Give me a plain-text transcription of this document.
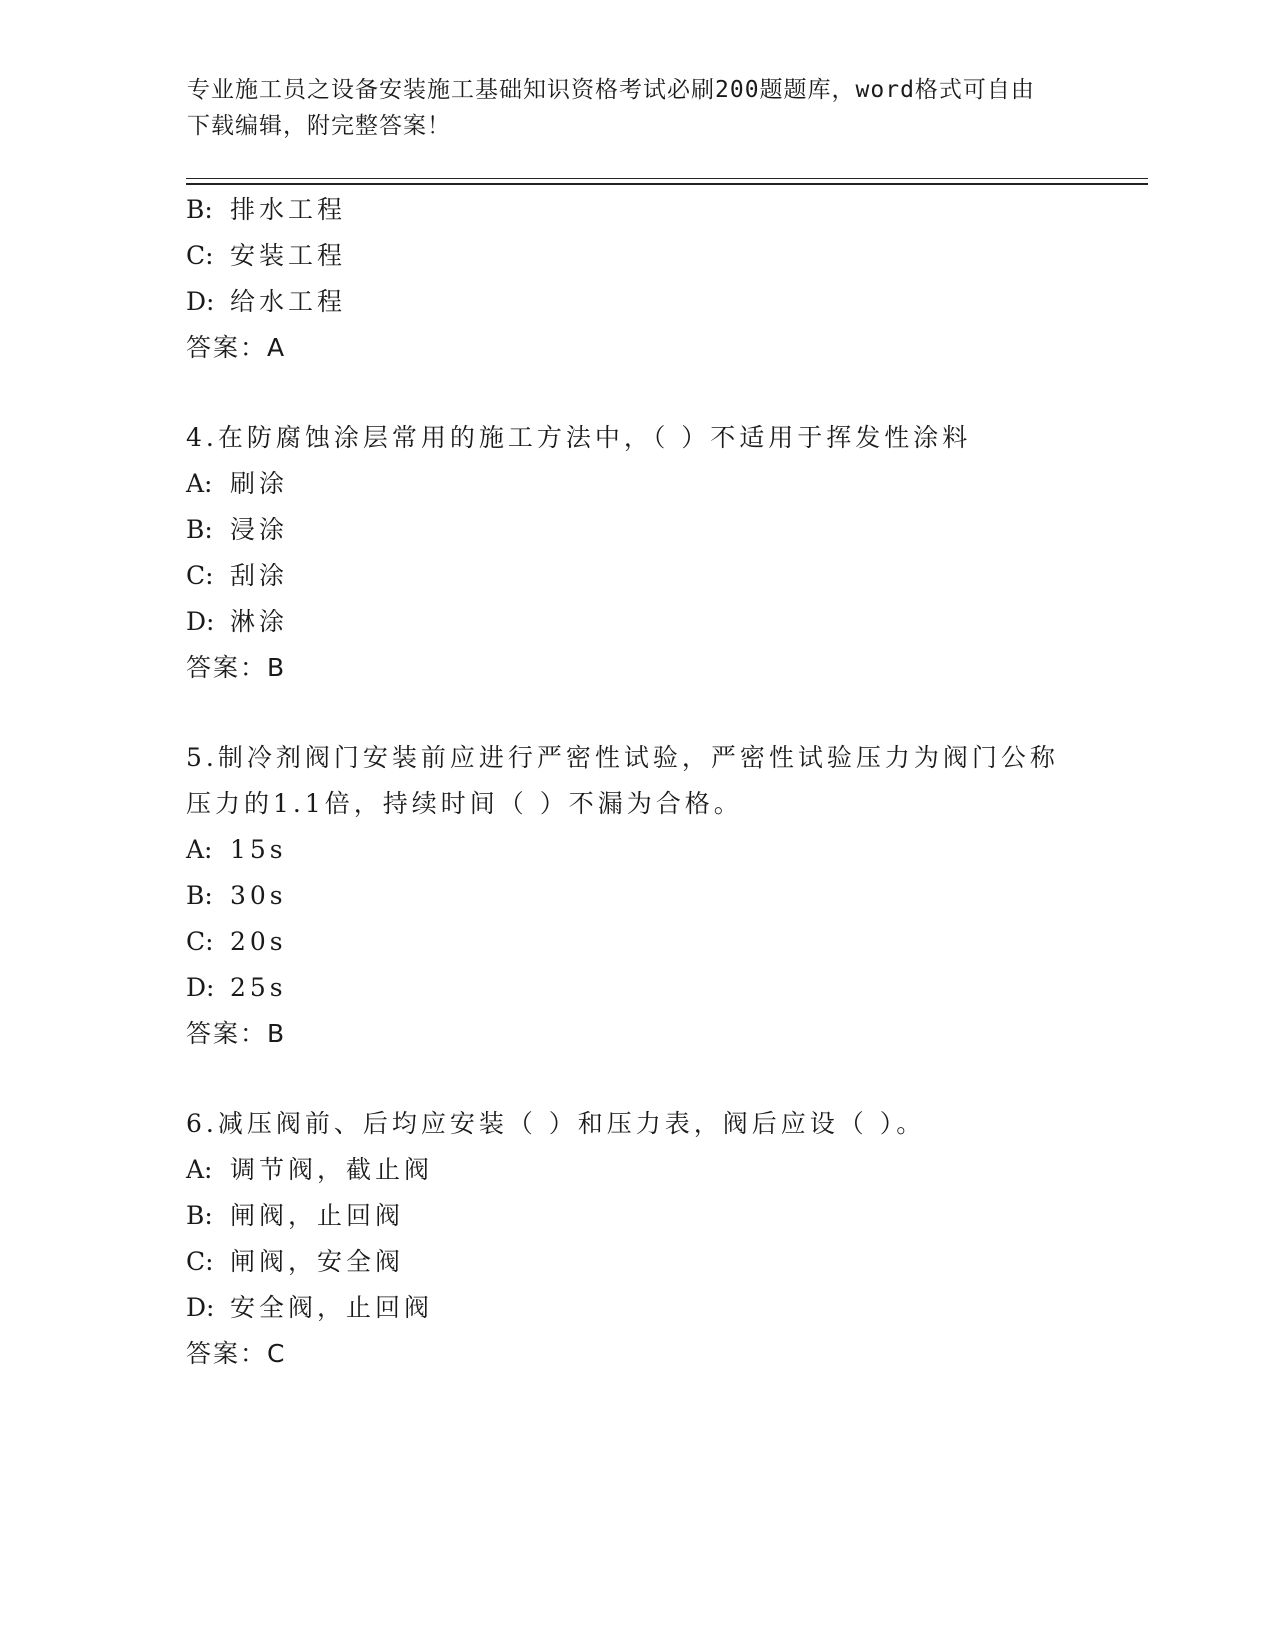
专业施工员之设备安装施工基础知识资格考试必刷200题题库，word格式可自由
下载编辑，附完整答案！
B: 排水工程
C: 安装工程
D: 给水工程
答案：A
4.在防腐蚀涂层常用的施工方法中，（ ）不适用于挥发性涂料
A: 刷涂
B: 浸涂
C: 刮涂
D: 淋涂
答案：B
5.制冷剂阀门安装前应进行严密性试验，严密性试验压力为阀门公称
压力的1.1倍，持续时间（ ）不漏为合格。
A: 15s
B: 30s
C: 20s
D: 25s
答案：B
6.减压阀前、后均应安装（ ）和压力表，阀后应设（ ）。
A: 调节阀，截止阀
B: 闸阀，止回阀
C: 闸阀，安全阀
D: 安全阀，止回阀
答案：C
